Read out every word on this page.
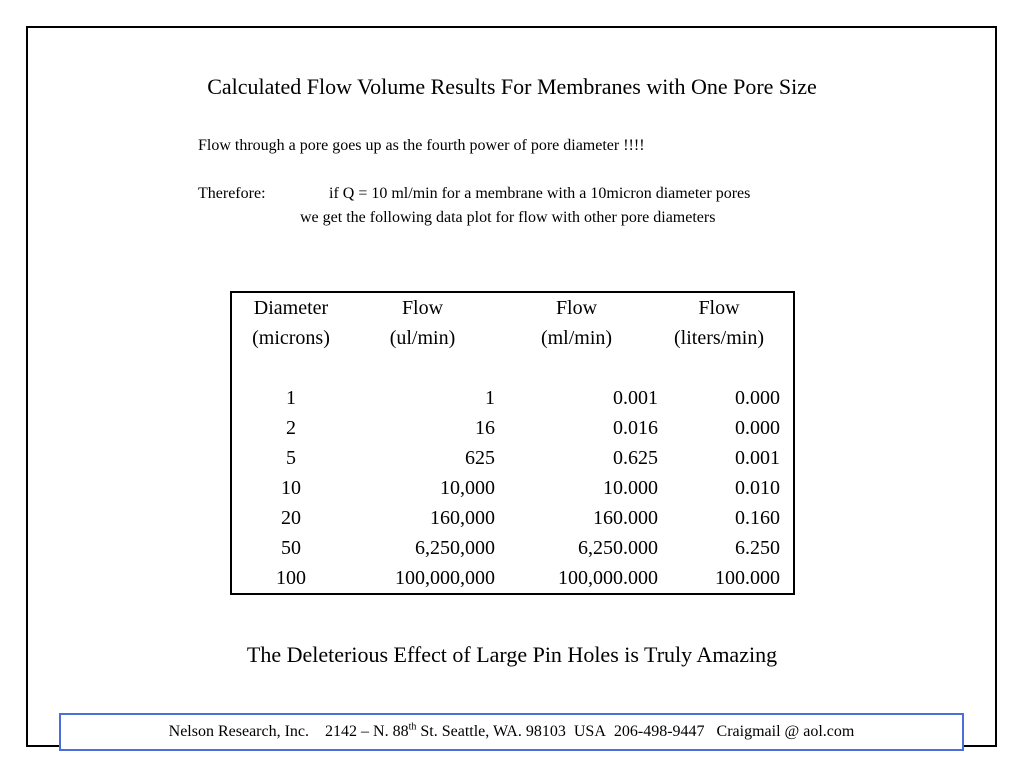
Calculated Flow Volume Results For Membranes with One Pore Size
Flow through a pore goes up as the fourth power of pore diameter !!!!
Therefore:	if Q = 10 ml/min for a membrane with a 10micron diameter pores
we get the following data plot for flow with other pore diameters
Diameter	Flow	Flow	Flow
(microns)	(ul/min)	(ml/min)	(liters/min)

1	1	0.001	0.000
2	16	0.016	0.000
5	625	0.625	0.001
10	10,000	10.000	0.010
20	160,000	160.000	0.160
50	6,250,000	6,250.000	6.250
100	100,000,000	100,000.000	100.000
The Deleterious Effect of Large Pin Holes is Truly Amazing
Nelson Research, Inc. 2142 – N. 88th St. Seattle, WA. 98103 USA 206-498-9447 Craigmail @ aol.com
